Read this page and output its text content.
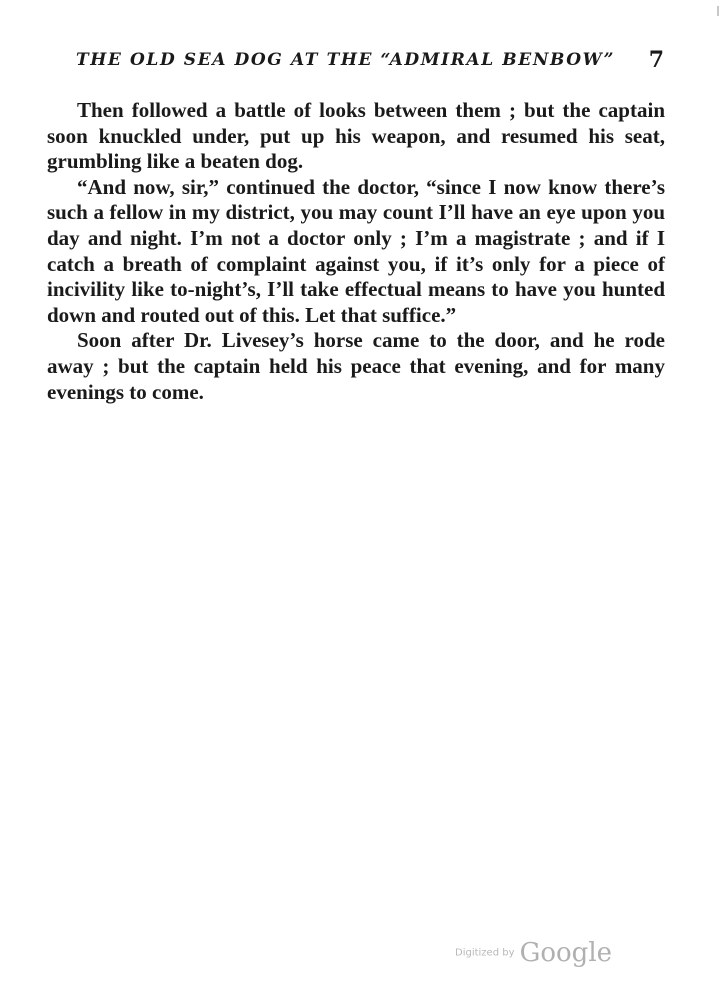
THE OLD SEA DOG AT THE “ADMIRAL BENBOW” 7

Then followed a battle of looks between them ; but the captain soon knuckled under, put up his weapon, and resumed his seat, grumbling like a beaten dog.

“And now, sir,” continued the doctor, “since I now know there’s such a fellow in my district, you may count I’ll have an eye upon you day and night. I’m not a doctor only ; I’m a magistrate ; and if I catch a breath of complaint against you, if it’s only for a piece of incivility like to-night’s, I’ll take effectual means to have you hunted down and routed out of this. Let that suffice.”

Soon after Dr. Livesey’s horse came to the door, and he rode away ; but the captain held his peace that evening, and for many evenings to come.

Digitized by Google
